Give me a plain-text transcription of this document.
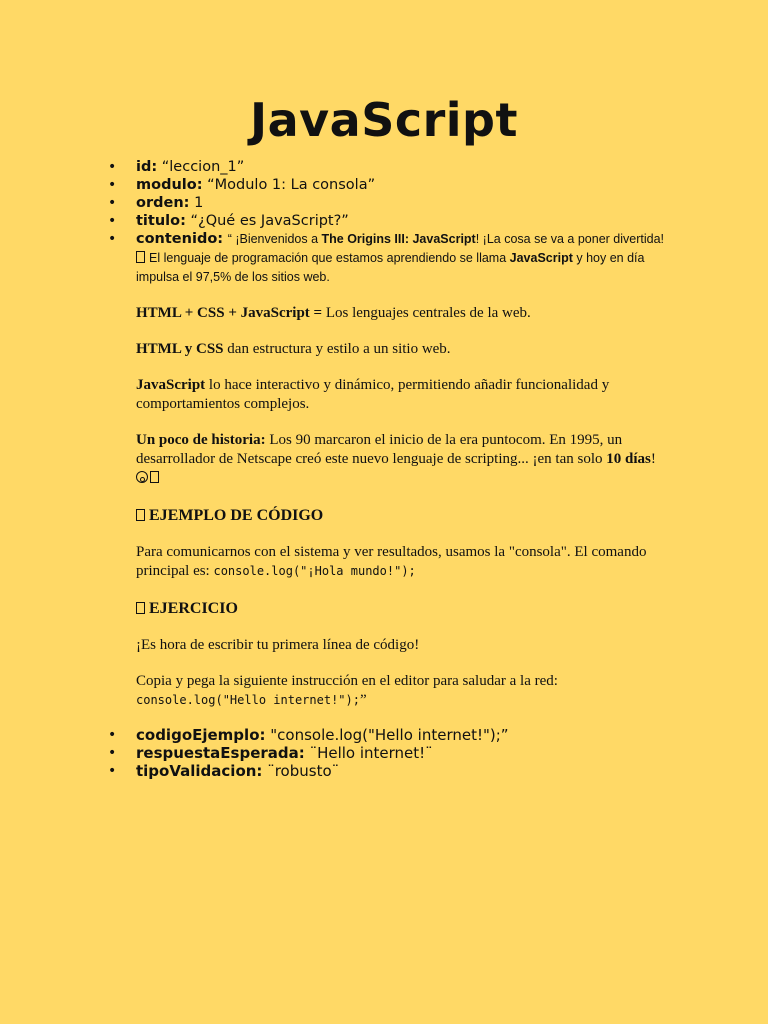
JavaScript
• id: “leccion_1”
• modulo: “Modulo 1: La consola”
• orden: 1
• titulo: “¿Qué es JavaScript?”
• contenido: “ ¡Bienvenidos a The Origins III: JavaScript! ¡La cosa se va a poner divertida! El lenguaje de programación que estamos aprendiendo se llama JavaScript y hoy en día impulsa el 97,5% de los sitios web.

HTML + CSS + JavaScript = Los lenguajes centrales de la web.

HTML y CSS dan estructura y estilo a un sitio web.

JavaScript lo hace interactivo y dinámico, permitiendo añadir funcionalidad y comportamientos complejos.

Un poco de historia: Los 90 marcaron el inicio de la era puntocom. En 1995, un desarrollador de Netscape creó este nuevo lenguaje de scripting... ¡en tan solo 10 días!

EJEMPLO DE CÓDIGO

Para comunicarnos con el sistema y ver resultados, usamos la "consola". El comando principal es: console.log("¡Hola mundo!");

EJERCICIO

¡Es hora de escribir tu primera línea de código!

Copia y pega la siguiente instrucción en el editor para saludar a la red: console.log("Hello internet!");”

• codigoEjemplo: "console.log("Hello internet!");”
• respuestaEsperada: ¨Hello internet!¨
• tipoValidacion: ¨robusto¨
